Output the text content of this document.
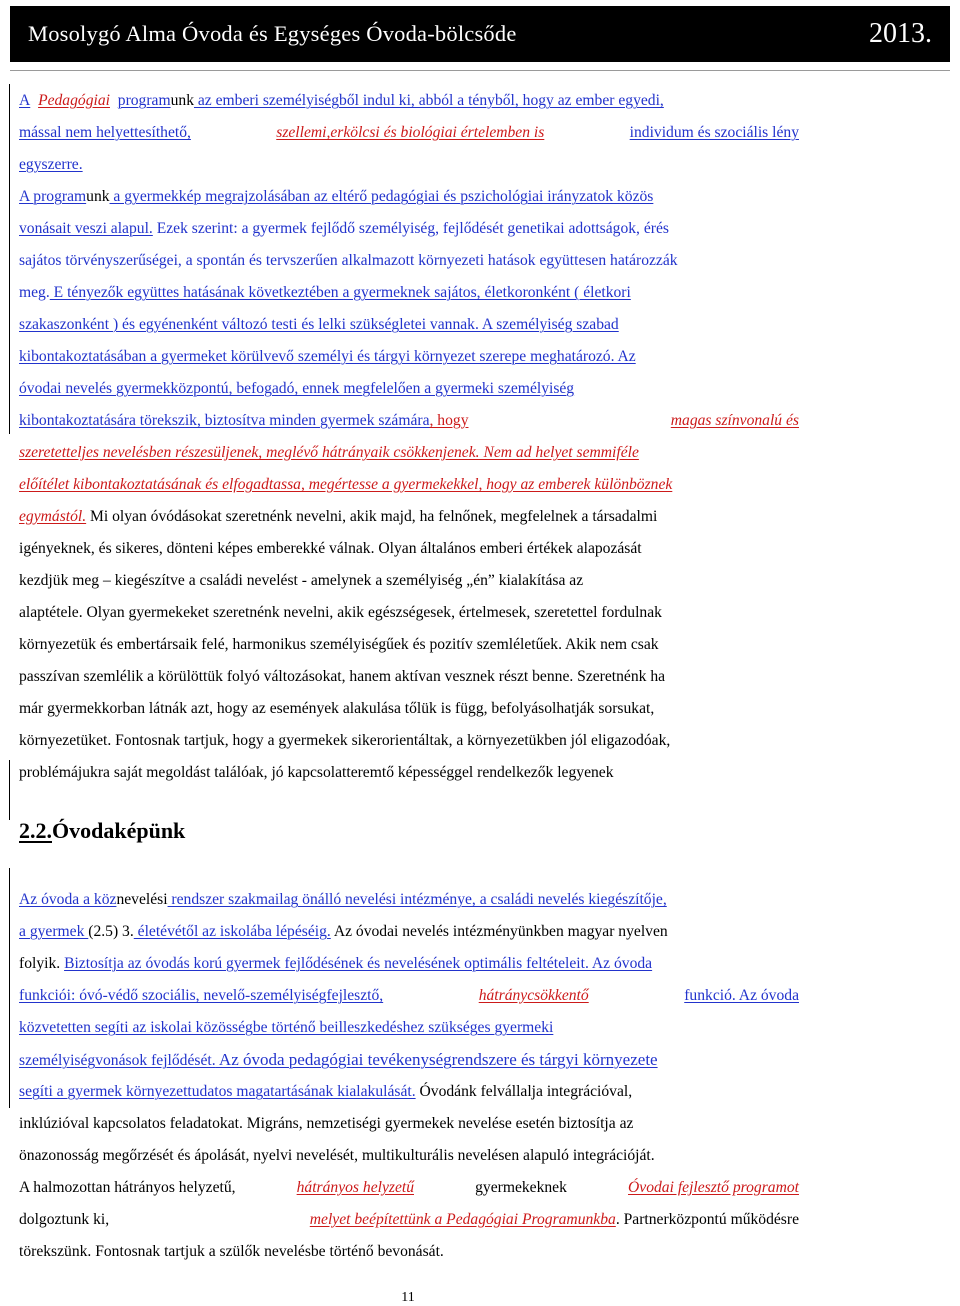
Mosolygó Alma Óvoda és Egységes Óvoda-bölcsőde	2013.
A Pedagógiai programunk az emberi személyiségből indul ki, abból a tényből, hogy az ember egyedi,
mással nem helyettesíthető,	szellemi,erkölcsi és biológiai értelemben is	individum és szociális lény
egyszerre.
A programunk a gyermekkép megrajzolásában az eltérő pedagógiai és pszichológiai irányzatok közös
vonásait veszi alapul. Ezek szerint: a gyermek fejlődő személyiség, fejlődését genetikai adottságok, érés
sajátos törvényszerűségei, a spontán és tervszerűen alkalmazott környezeti hatások együttesen határozzák
meg. E tényezők együttes hatásának következtében a gyermeknek sajátos, életkoronként ( életkori
szakaszonként ) és egyénenként változó testi és lelki szükségletei vannak. A személyiség szabad
kibontakoztatásában a gyermeket körülvevő személyi és tárgyi környezet szerepe meghatározó. Az
óvodai nevelés gyermekközpontú, befogadó, ennek megfelelően a gyermeki személyiség
kibontakoztatására törekszik, biztosítva minden gyermek számára, hogy	magas színvonalú és
szeretetteljes nevelésben részesüljenek, meglévő hátrányaik csökkenjenek. Nem ad helyet semmiféle
előítélet kibontakoztatásának és elfogadtassa, megértesse a gyermekekkel, hogy az emberek különböznek
egymástól. Mi olyan óvódásokat szeretnénk nevelni, akik majd, ha felnőnek, megfelelnek a társadalmi
igényeknek, és sikeres, dönteni képes emberekké válnak. Olyan általános emberi értékek alapozását
kezdjük meg – kiegészítve a családi nevelést - amelynek a személyiség „én” kialakítása az
alaptétele. Olyan gyermekeket szeretnénk nevelni, akik egészségesek, értelmesek, szeretettel fordulnak
környezetük és embertársaik felé, harmonikus személyiségűek és pozitív szemléletűek. Akik nem csak
passzívan szemlélik a körülöttük folyó változásokat, hanem aktívan vesznek részt benne. Szeretnénk ha
már gyermekkorban látnák azt, hogy az események alakulása tőlük is függ, befolyásolhatják sorsukat,
környezetüket. Fontosnak tartjuk, hogy a gyermekek sikerorientáltak, a környezetükben jól eligazodóak,
problémájukra saját megoldást találóak, jó kapcsolatteremtő képességgel rendelkezők legyenek
2.2.Óvodaképünk
Az óvoda a köznevelési rendszer szakmailag önálló nevelési intézménye, a családi nevelés kiegészítője,
a gyermek (2.5) 3. életévétől az iskolába lépéséig. Az óvodai nevelés intézményünkben magyar nyelven
folyik. Biztosítja az óvodás korú gyermek fejlődésének és nevelésének optimális feltételeit. Az óvoda
funkciói: óvó-védő szociális, nevelő-személyiségfejlesztő,	hátránycsökkentő	funkció. Az óvoda
közvetetten segíti az iskolai közösségbe történő beilleszkedéshez szükséges gyermeki
személyiségvonások fejlődését. Az óvoda pedagógiai tevékenységrendszere és tárgyi környezete
segíti a gyermek környezettudatos magatartásának kialakulását. Óvodánk felvállalja integrációval,
inklúzióval kapcsolatos feladatokat. Migráns, nemzetiségi gyermekek nevelése esetén biztosítja az
önazonosság megőrzését és ápolását, nyelvi nevelését, multikulturális nevelésen alapuló integrációját.
A halmozottan hátrányos helyzetű,	hátrányos helyzetű	gyermekeknek	Óvodai fejlesztő programot
dolgoztunk ki,	melyet beépítettünk a Pedagógiai Programunkba. Partnerközpontú működésre
törekszünk. Fontosnak tartjuk a szülők nevelésbe történő bevonását.
11
